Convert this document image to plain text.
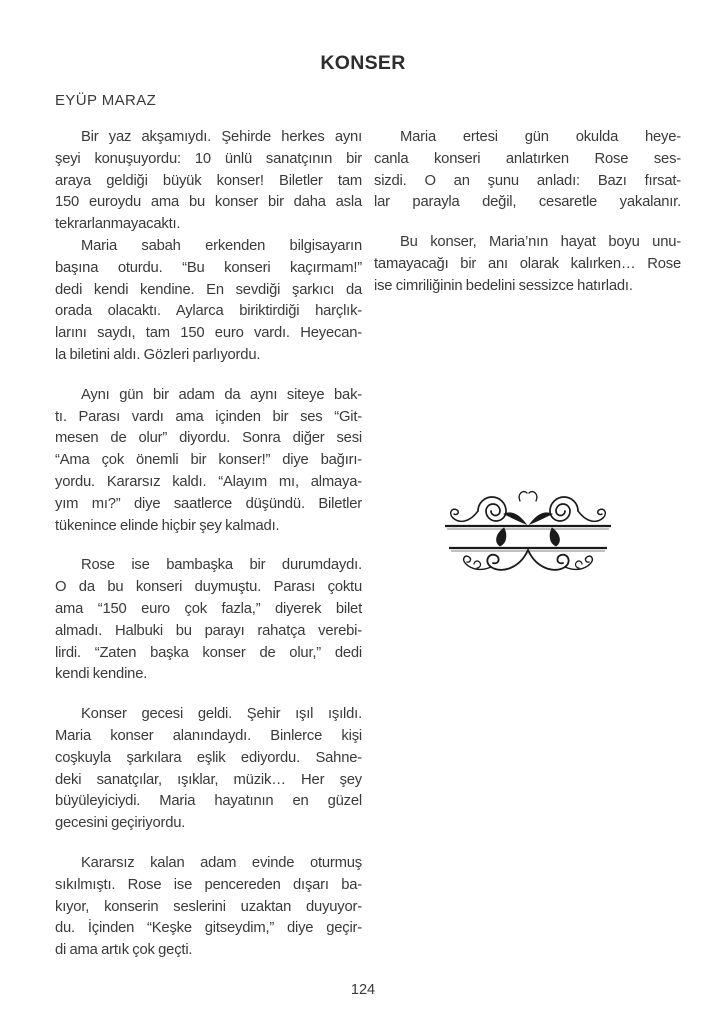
KONSER
EYÜP MARAZ
Bir yaz akşamıydı. Şehirde herkes aynı
şeyi konuşuyordu: 10 ünlü sanatçının bir
araya geldiği büyük konser! Biletler tam
150 euroydu ama bu konser bir daha asla
tekrarlanmayacaktı.
Maria sabah erkenden bilgisayarın
başına oturdu. “Bu konseri kaçırmam!”
dedi kendi kendine. En sevdiği şarkıcı da
orada olacaktı. Aylarca biriktirdiği harçlık-
larını saydı, tam 150 euro vardı. Heyecan-
la biletini aldı. Gözleri parlıyordu.
Aynı gün bir adam da aynı siteye bak-
tı. Parası vardı ama içinden bir ses “Git-
mesen de olur” diyordu. Sonra diğer sesi
“Ama çok önemli bir konser!” diye bağırı-
yordu. Kararsız kaldı. “Alayım mı, almaya-
yım mı?” diye saatlerce düşündü. Biletler
tükenince elinde hiçbir şey kalmadı.
Rose ise bambaşka bir durumdaydı.
O da bu konseri duymuştu. Parası çoktu
ama “150 euro çok fazla,” diyerek bilet
almadı. Halbuki bu parayı rahatça verebi-
lirdi. “Zaten başka konser de olur,” dedi
kendi kendine.
Konser gecesi geldi. Şehir ışıl ışıldı.
Maria konser alanındaydı. Binlerce kişi
coşkuyla şarkılara eşlik ediyordu. Sahne-
deki sanatçılar, ışıklar, müzik… Her şey
büyüleyiciydi. Maria hayatının en güzel
gecesini geçiriyordu.
Kararsız kalan adam evinde oturmuş
sıkılmıştı. Rose ise pencereden dışarı ba-
kıyor, konserin seslerini uzaktan duyuyor-
du. İçinden “Keşke gitseydim,” diye geçir-
di ama artık çok geçti.
Maria ertesi gün okulda heye-
canla konseri anlatırken Rose ses-
sizdi. O an şunu anladı: Bazı fırsat-
lar parayla değil, cesaretle yakalanır.
Bu konser, Maria’nın hayat boyu unu-
tamayacağı bir anı olarak kalırken… Rose
ise cimriliğinin bedelini sessizce hatırladı.
124
